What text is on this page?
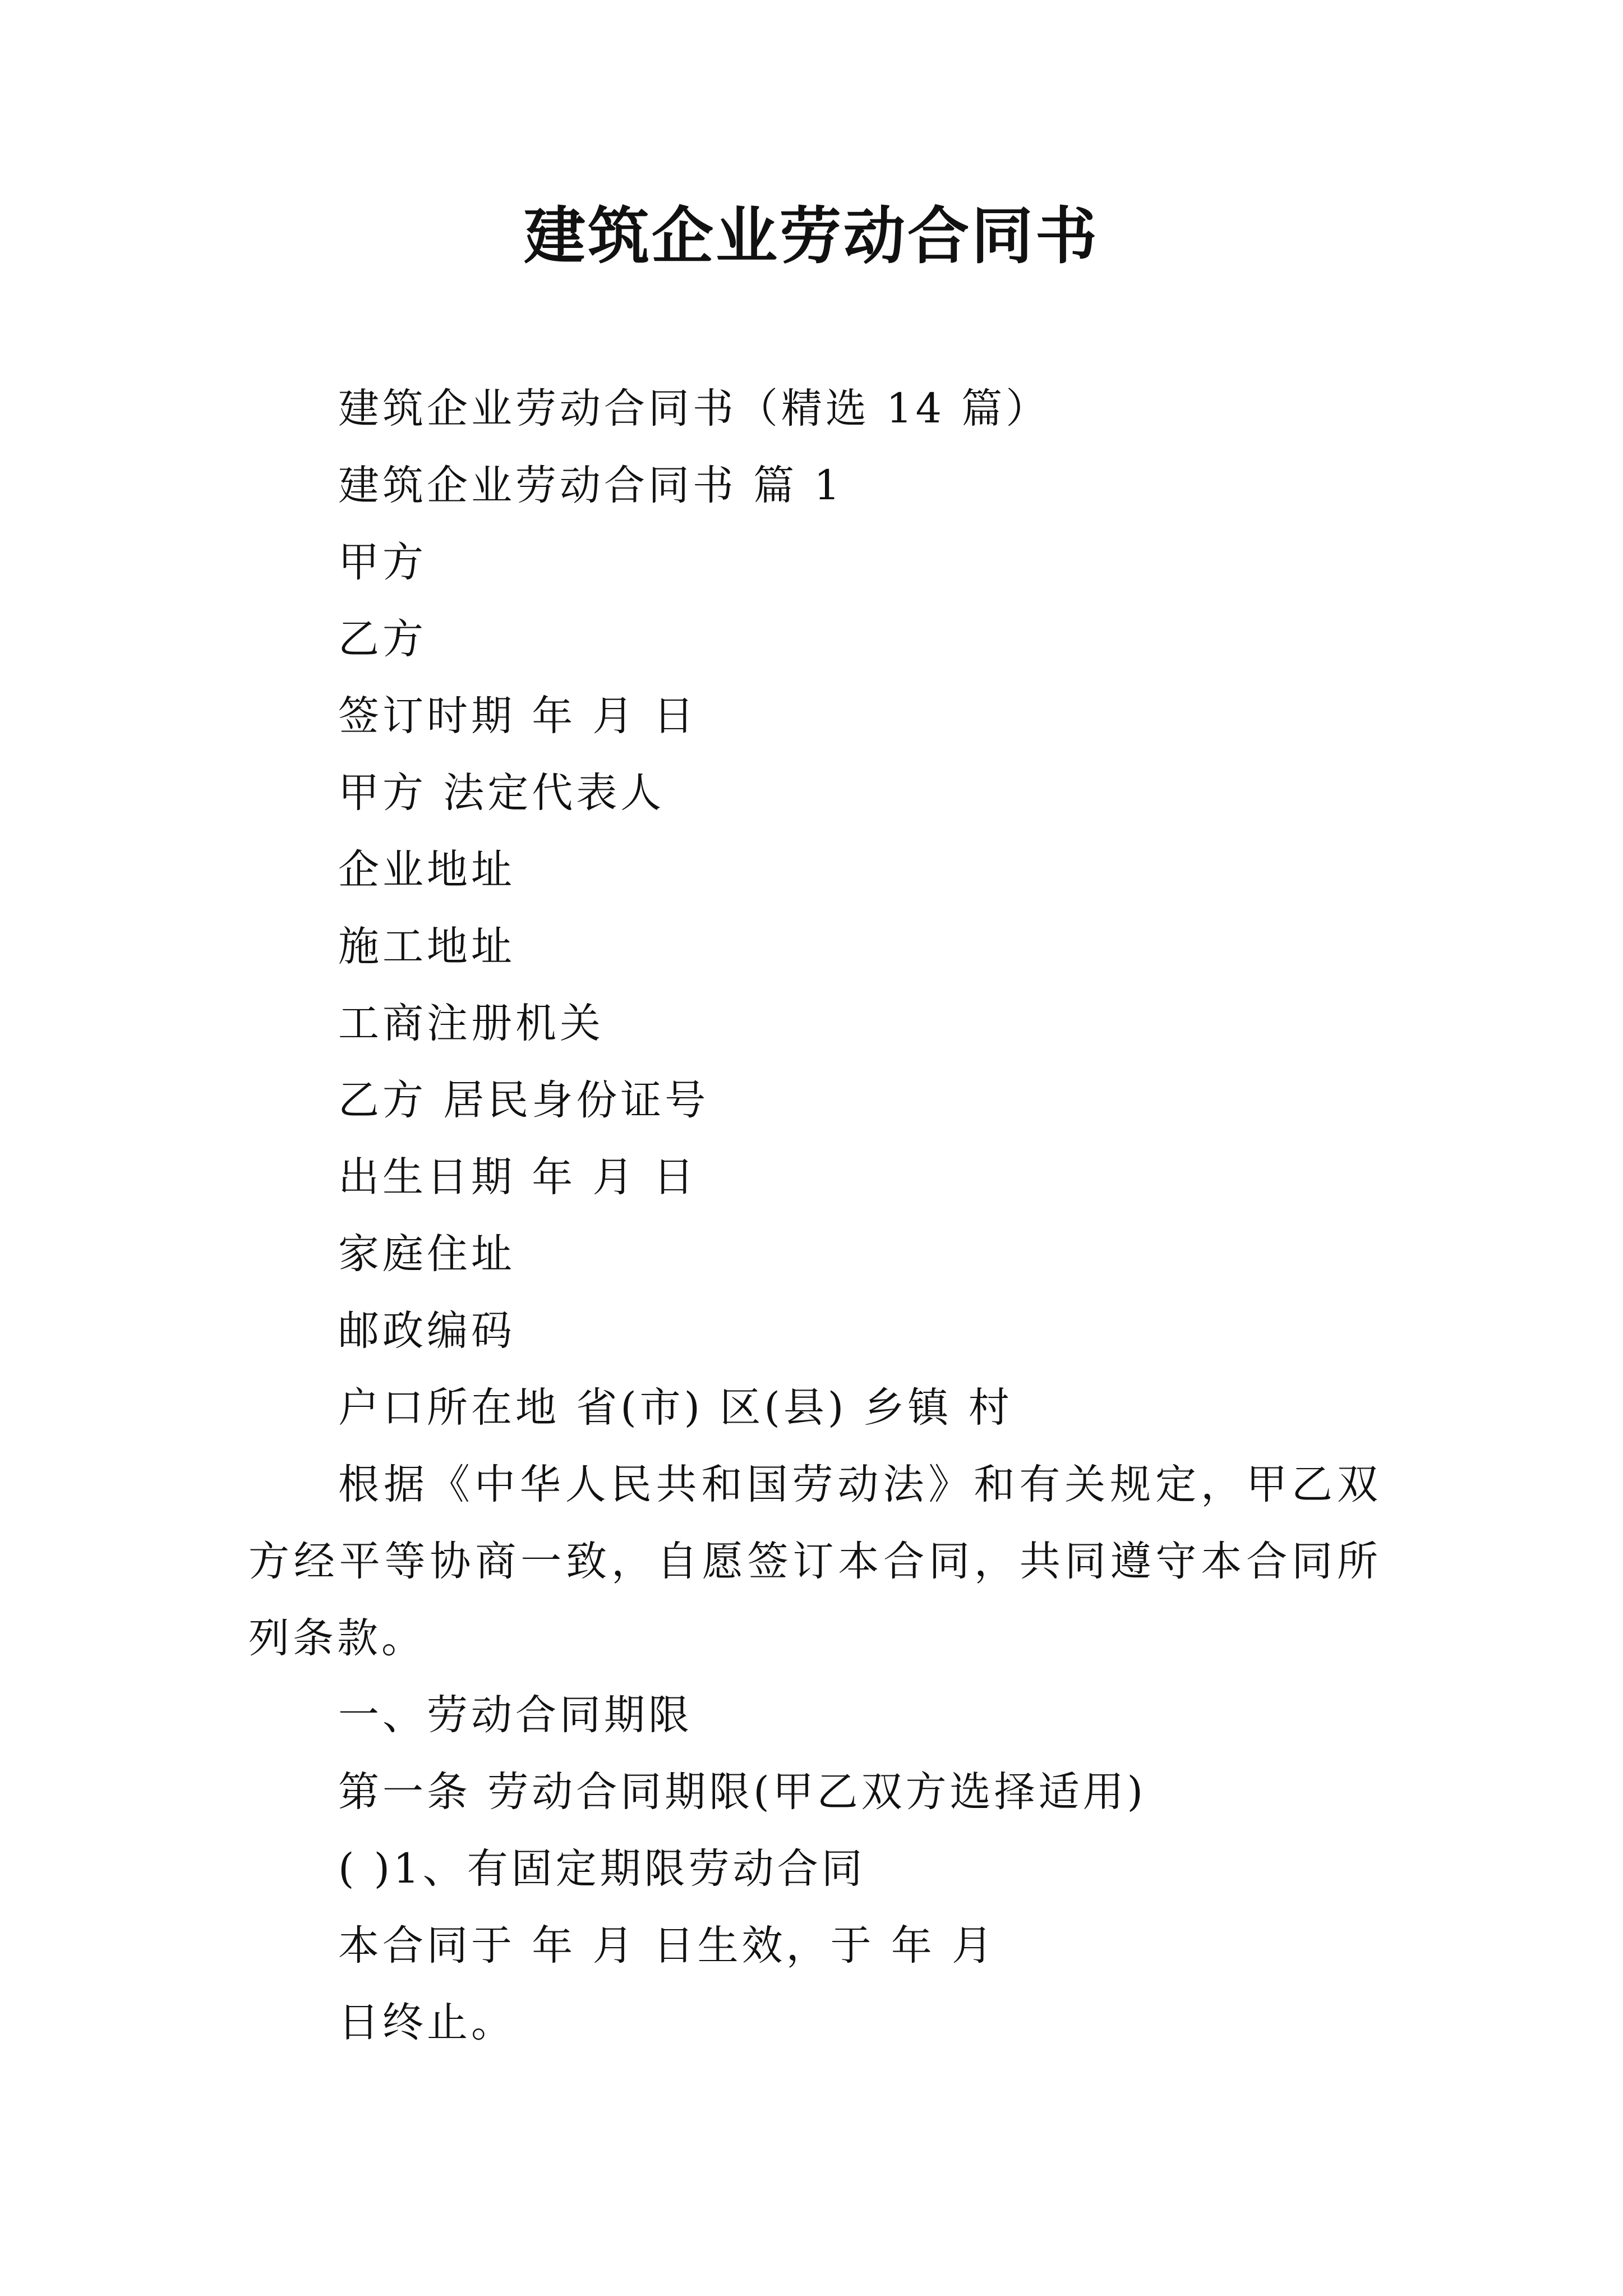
建筑企业劳动合同书
建筑企业劳动合同书（精选 14 篇）
建筑企业劳动合同书 篇 1
甲方
乙方
签订时期 年 月 日
甲方 法定代表人
企业地址
施工地址
工商注册机关
乙方 居民身份证号
出生日期 年 月 日
家庭住址
邮政编码
户口所在地 省(市) 区(县) 乡镇 村
根据《中华人民共和国劳动法》和有关规定，甲乙双方经平等协商一致，自愿签订本合同，共同遵守本合同所列条款。
一、劳动合同期限
第一条 劳动合同期限(甲乙双方选择适用)
( )1、有固定期限劳动合同
本合同于 年 月 日生效，于 年 月
日终止。
